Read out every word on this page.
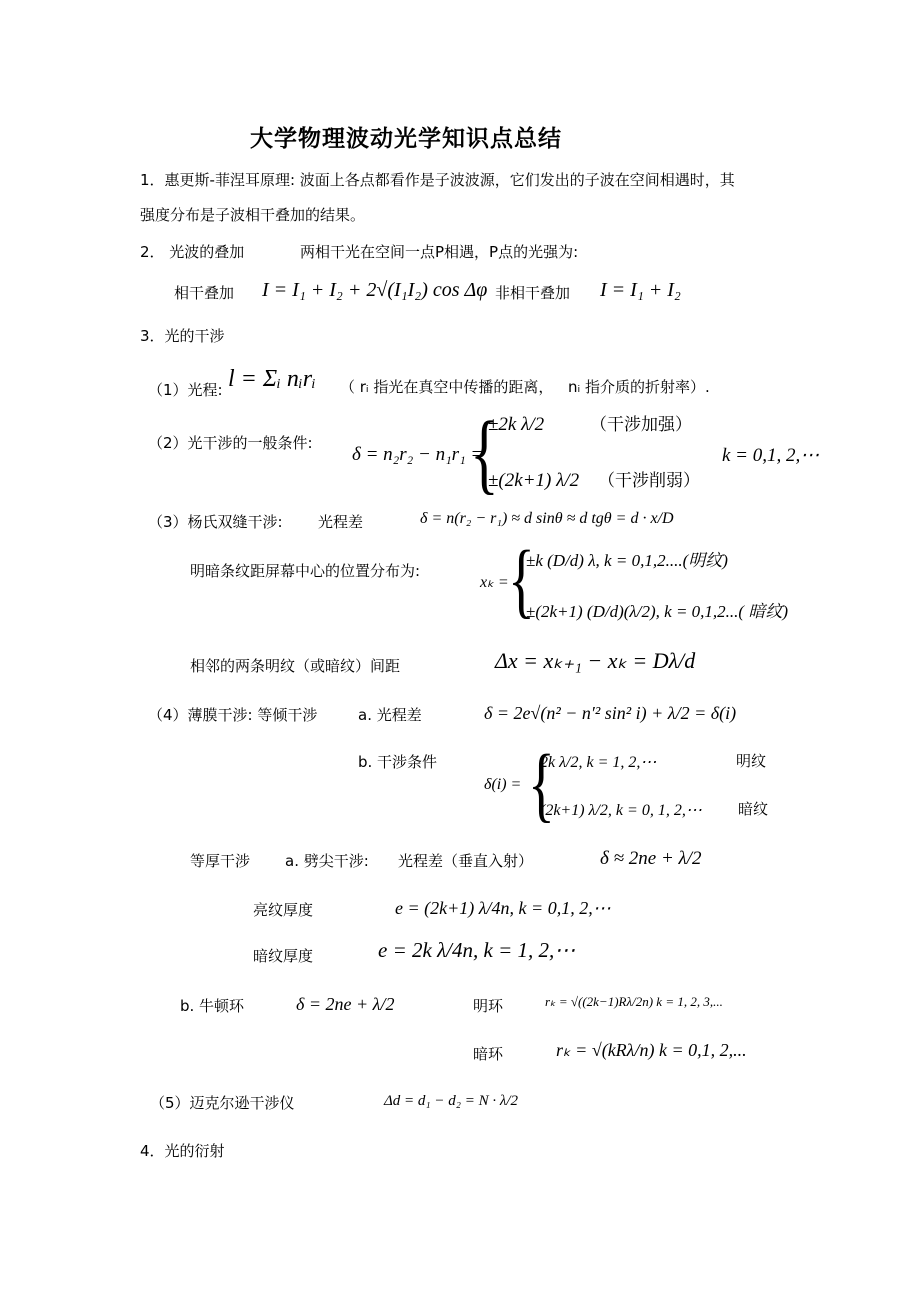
大学物理波动光学知识点总结
1．惠更斯-菲涅耳原理: 波面上各点都看作是子波波源，它们发出的子波在空间相遇时，其
强度分布是子波相干叠加的结果。
2． 光波的叠加	两相干光在空间一点P相遇，P点的光强为:
相干叠加 I = I₁ + I₂ + 2√(I₁I₂) cos Δφ 非相干叠加 I = I₁ + I₂
3．光的干涉
（1）光程: l = Σᵢ nᵢrᵢ （ rᵢ 指光在真空中传播的距离， nᵢ 指介质的折射率）.
（2）光干涉的一般条件:
δ = n₂r₂ − n₁r₁ =
{
±2k λ/2	（干涉加强）
±(2k+1) λ/2 （干涉削弱）
k = 0,1, 2,⋯
（3）杨氏双缝干涉: 光程差	δ = n(r₂ − r₁) ≈ d sinθ ≈ d tgθ = d · x/D
明暗条纹距屏幕中心的位置分布为:
xₖ = {
±k (D/d) λ, k = 0,1,2....(明纹)
±(2k+1) (D/d)(λ/2), k = 0,1,2...( 暗纹)
相邻的两条明纹（或暗纹）间距	Δx = xₖ₊₁ − xₖ = Dλ/d
（4）薄膜干涉: 等倾干涉	a. 光程差	δ = 2e√(n² − n′² sin² i) + λ/2 = δ(i)
b. 干涉条件
δ(i) = {
2k λ/2, k = 1, 2,⋯	明纹
(2k+1) λ/2, k = 0, 1, 2,⋯ 暗纹
等厚干涉 a. 劈尖干涉: 光程差（垂直入射）	δ ≈ 2ne + λ/2
亮纹厚度	e = (2k+1) λ/4n, k = 0,1, 2,⋯
暗纹厚度	e = 2k λ/4n, k = 1, 2,⋯
b. 牛顿环	δ = 2ne + λ/2	明环	rₖ = √((2k−1)Rλ/2n) k = 1, 2, 3,...
暗环	rₖ = √(kRλ/n) k = 0,1, 2,...
（5）迈克尔逊干涉仪	Δd = d₁ − d₂ = N · λ/2
4．光的衍射
